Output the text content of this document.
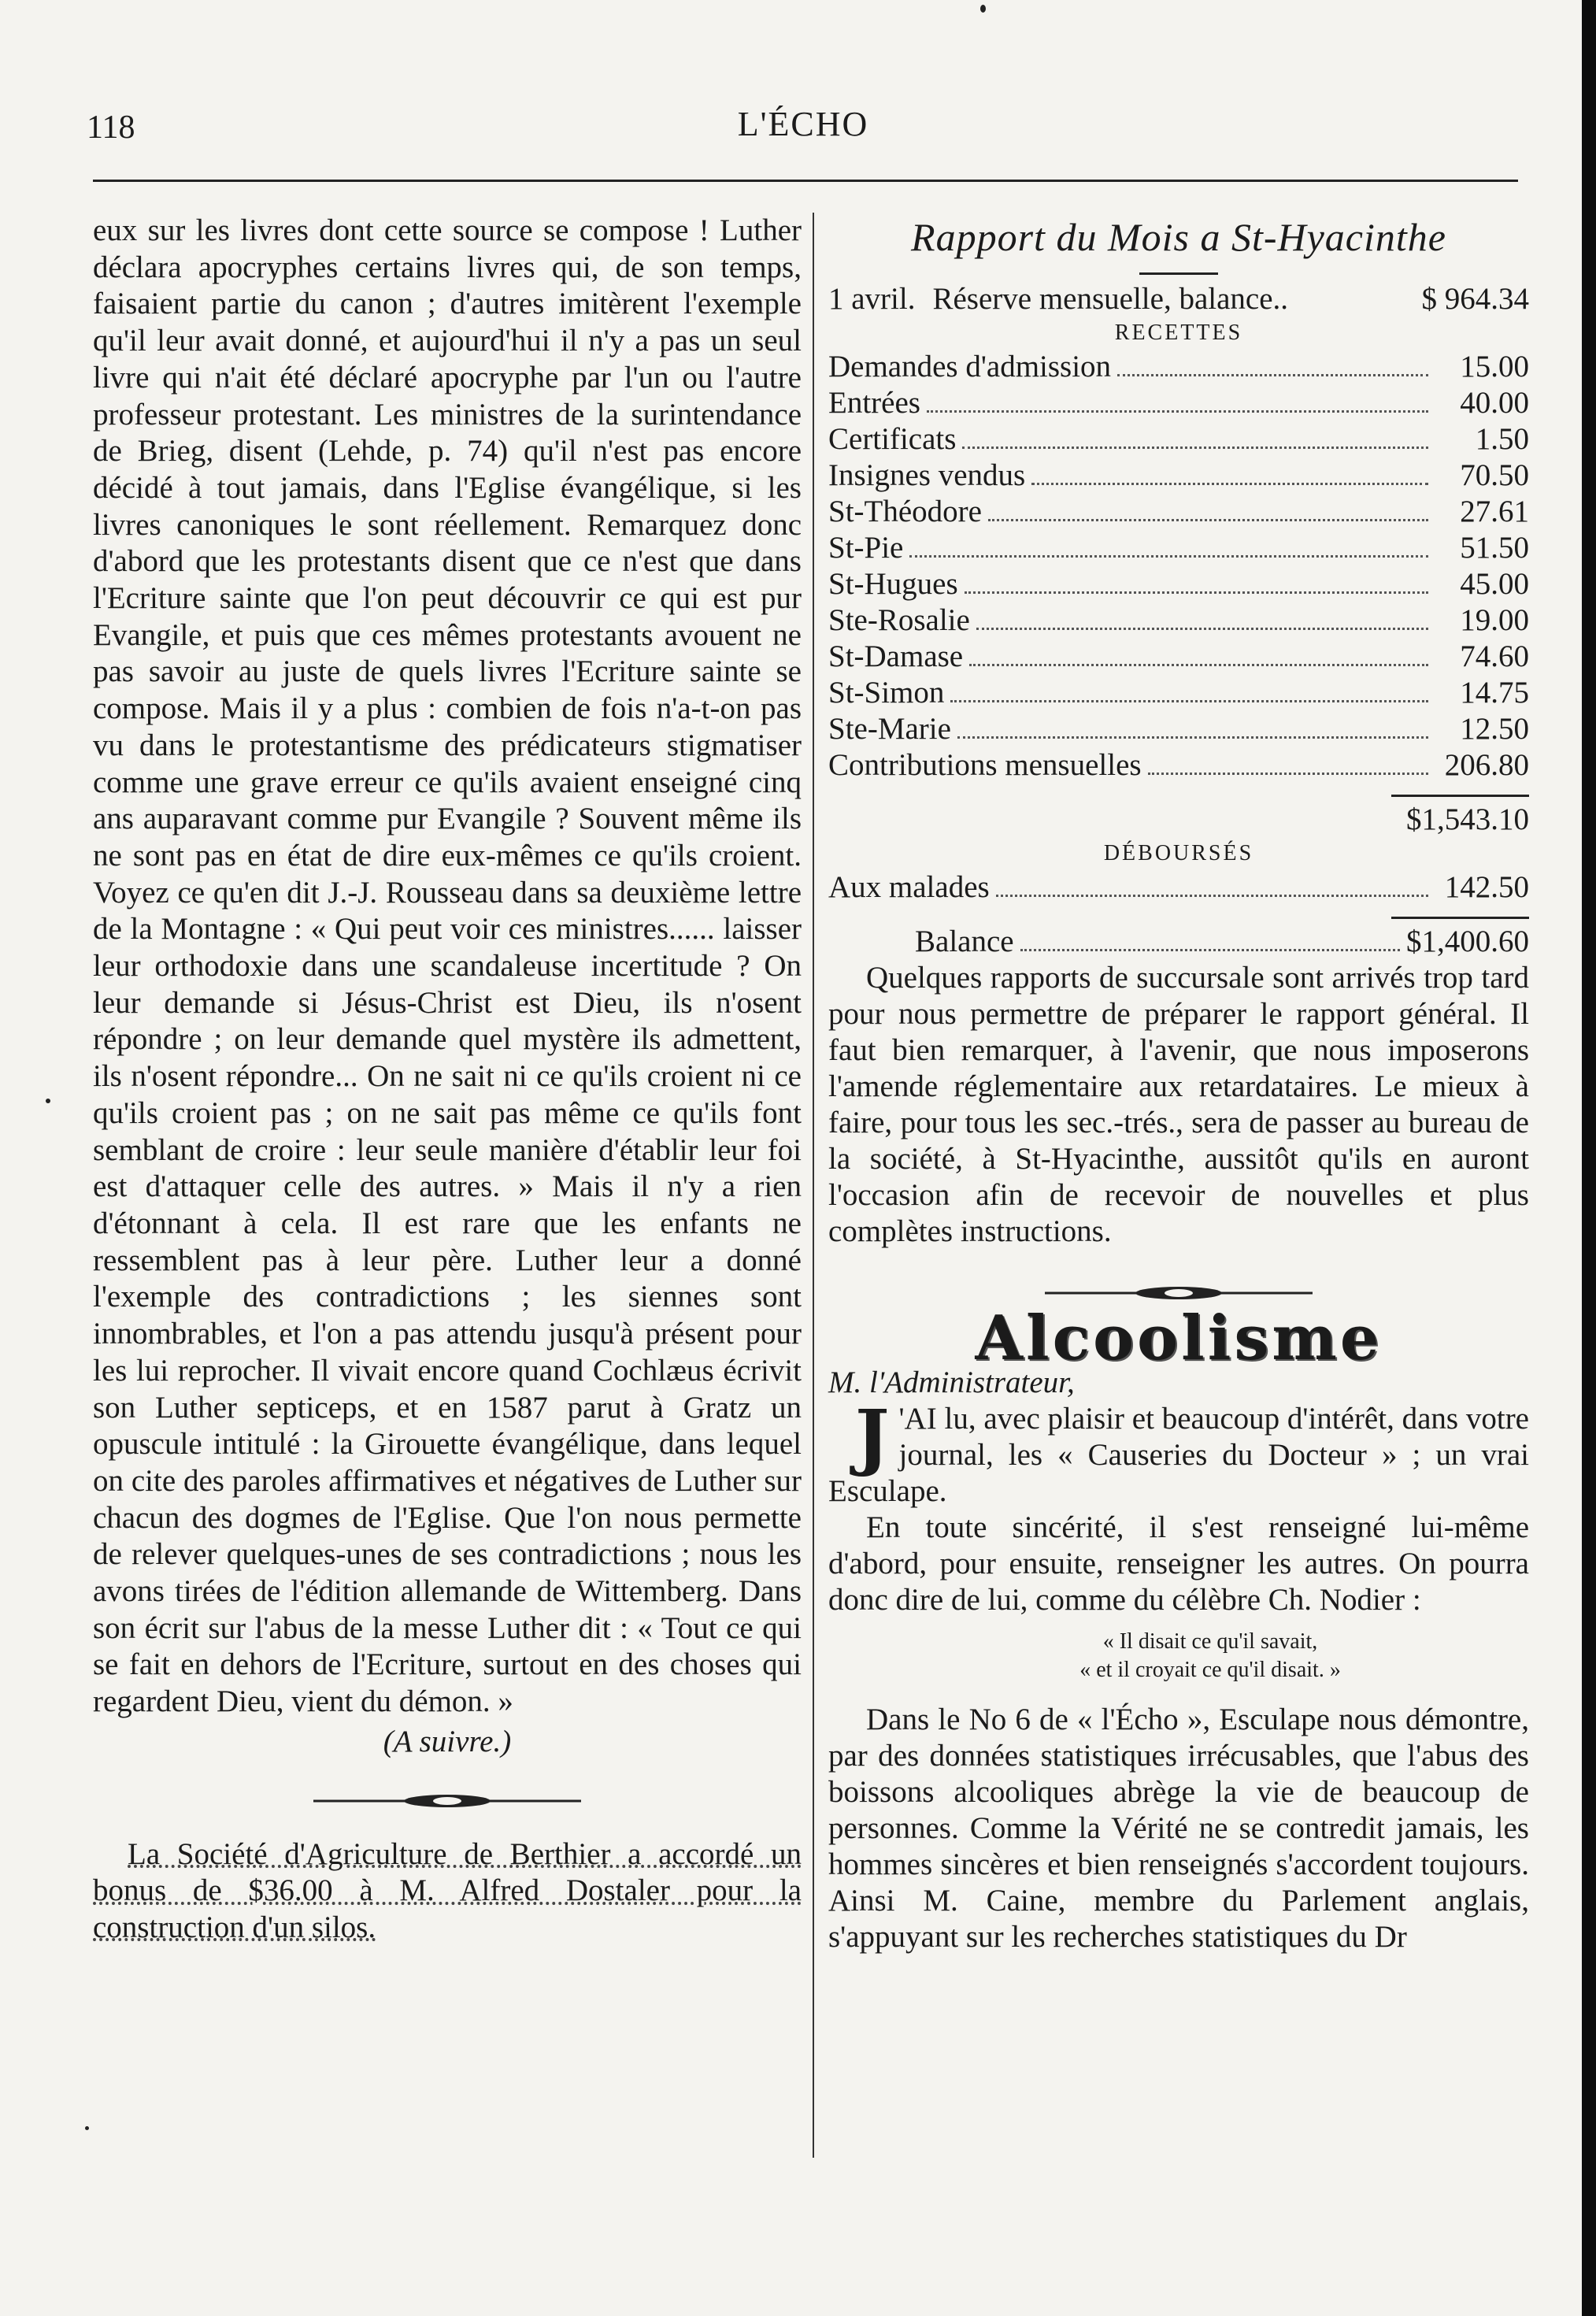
118	L'ÉCHO

eux sur les livres dont cette source se compose ! Luther déclara apocryphes certains livres qui, de son temps, faisaient partie du canon ; d'autres imitèrent l'exemple qu'il leur avait donné, et aujourd'hui il n'y a pas un seul livre qui n'ait été déclaré apocryphe par l'un ou l'autre professeur protestant. Les ministres de la surintendance de Brieg, disent (Lehde, p. 74) qu'il n'est pas encore décidé à tout jamais, dans l'Eglise évangélique, si les livres canoniques le sont réellement. Remarquez donc d'abord que les protestants disent que ce n'est que dans l'Ecriture sainte que l'on peut découvrir ce qui est pur Evangile, et puis que ces mêmes protestants avouent ne pas savoir au juste de quels livres l'Ecriture sainte se compose. Mais il y a plus : combien de fois n'a-t-on pas vu dans le protestantisme des prédicateurs stigmatiser comme une grave erreur ce qu'ils avaient enseigné cinq ans auparavant comme pur Evangile ? Souvent même ils ne sont pas en état de dire eux-mêmes ce qu'ils croient. Voyez ce qu'en dit J.-J. Rousseau dans sa deuxième lettre de la Montagne : « Qui peut voir ces ministres...... laisser leur orthodoxie dans une scandaleuse incertitude ? On leur demande si Jésus-Christ est Dieu, ils n'osent répondre ; on leur demande quel mystère ils admettent, ils n'osent répondre... On ne sait ni ce qu'ils croient ni ce qu'ils croient pas ; on ne sait pas même ce qu'ils font semblant de croire : leur seule manière d'établir leur foi est d'attaquer celle des autres. » Mais il n'y a rien d'étonnant à cela. Il est rare que les enfants ne ressemblent pas à leur père. Luther leur a donné l'exemple des contradictions ; les siennes sont innombrables, et l'on a pas attendu jusqu'à présent pour les lui reprocher. Il vivait encore quand Cochlæus écrivit son Luther septiceps, et en 1587 parut à Gratz un opuscule intitulé : la Girouette évangélique, dans lequel on cite des paroles affirmatives et négatives de Luther sur chacun des dogmes de l'Eglise. Que l'on nous permette de relever quelques-unes de ses contradictions ; nous les avons tirées de l'édition allemande de Wittemberg. Dans son écrit sur l'abus de la messe Luther dit : « Tout ce qui se fait en dehors de l'Ecriture, surtout en des choses qui regardent Dieu, vient du démon. »

(A suivre.)

La Société d'Agriculture de Berthier a accordé un bonus de $36.00 à M. Alfred Dostaler pour la construction d'un silos.

Rapport du Mois a St-Hyacinthe

1 avril. Réserve mensuelle, balance..	$ 964.34
RECETTES
Demandes d'admission	15.00
Entrées	40.00
Certificats	1.50
Insignes vendus	70.50
St-Théodore	27.61
St-Pie	51.50
St-Hugues	45.00
Ste-Rosalie	19.00
St-Damase	74.60
St-Simon	14.75
Ste-Marie	12.50
Contributions mensuelles	206.80
$1,543.10
DÉBOURSÉS
Aux malades	142.50
Balance	$1,400.60

Quelques rapports de succursale sont arrivés trop tard pour nous permettre de préparer le rapport général. Il faut bien remarquer, à l'avenir, que nous imposerons l'amende réglementaire aux retardataires. Le mieux à faire, pour tous les sec.-trés., sera de passer au bureau de la société, à St-Hyacinthe, aussitôt qu'ils en auront l'occasion afin de recevoir de nouvelles et plus complètes instructions.

Alcoolisme

M. l'Administrateur,

J 'AI lu, avec plaisir et beaucoup d'intérêt, dans votre journal, les « Causeries du Docteur » ; un vrai Esculape.

En toute sincérité, il s'est renseigné lui-même d'abord, pour ensuite, renseigner les autres. On pourra donc dire de lui, comme du célèbre Ch. Nodier :

« Il disait ce qu'il savait,
« et il croyait ce qu'il disait. »

Dans le No 6 de « l'Écho », Esculape nous démontre, par des données statistiques irrécusables, que l'abus des boissons alcooliques abrège la vie de beaucoup de personnes. Comme la Vérité ne se contredit jamais, les hommes sincères et bien renseignés s'accordent toujours. Ainsi M. Caine, membre du Parlement anglais, s'appuyant sur les recherches statistiques du Dr
